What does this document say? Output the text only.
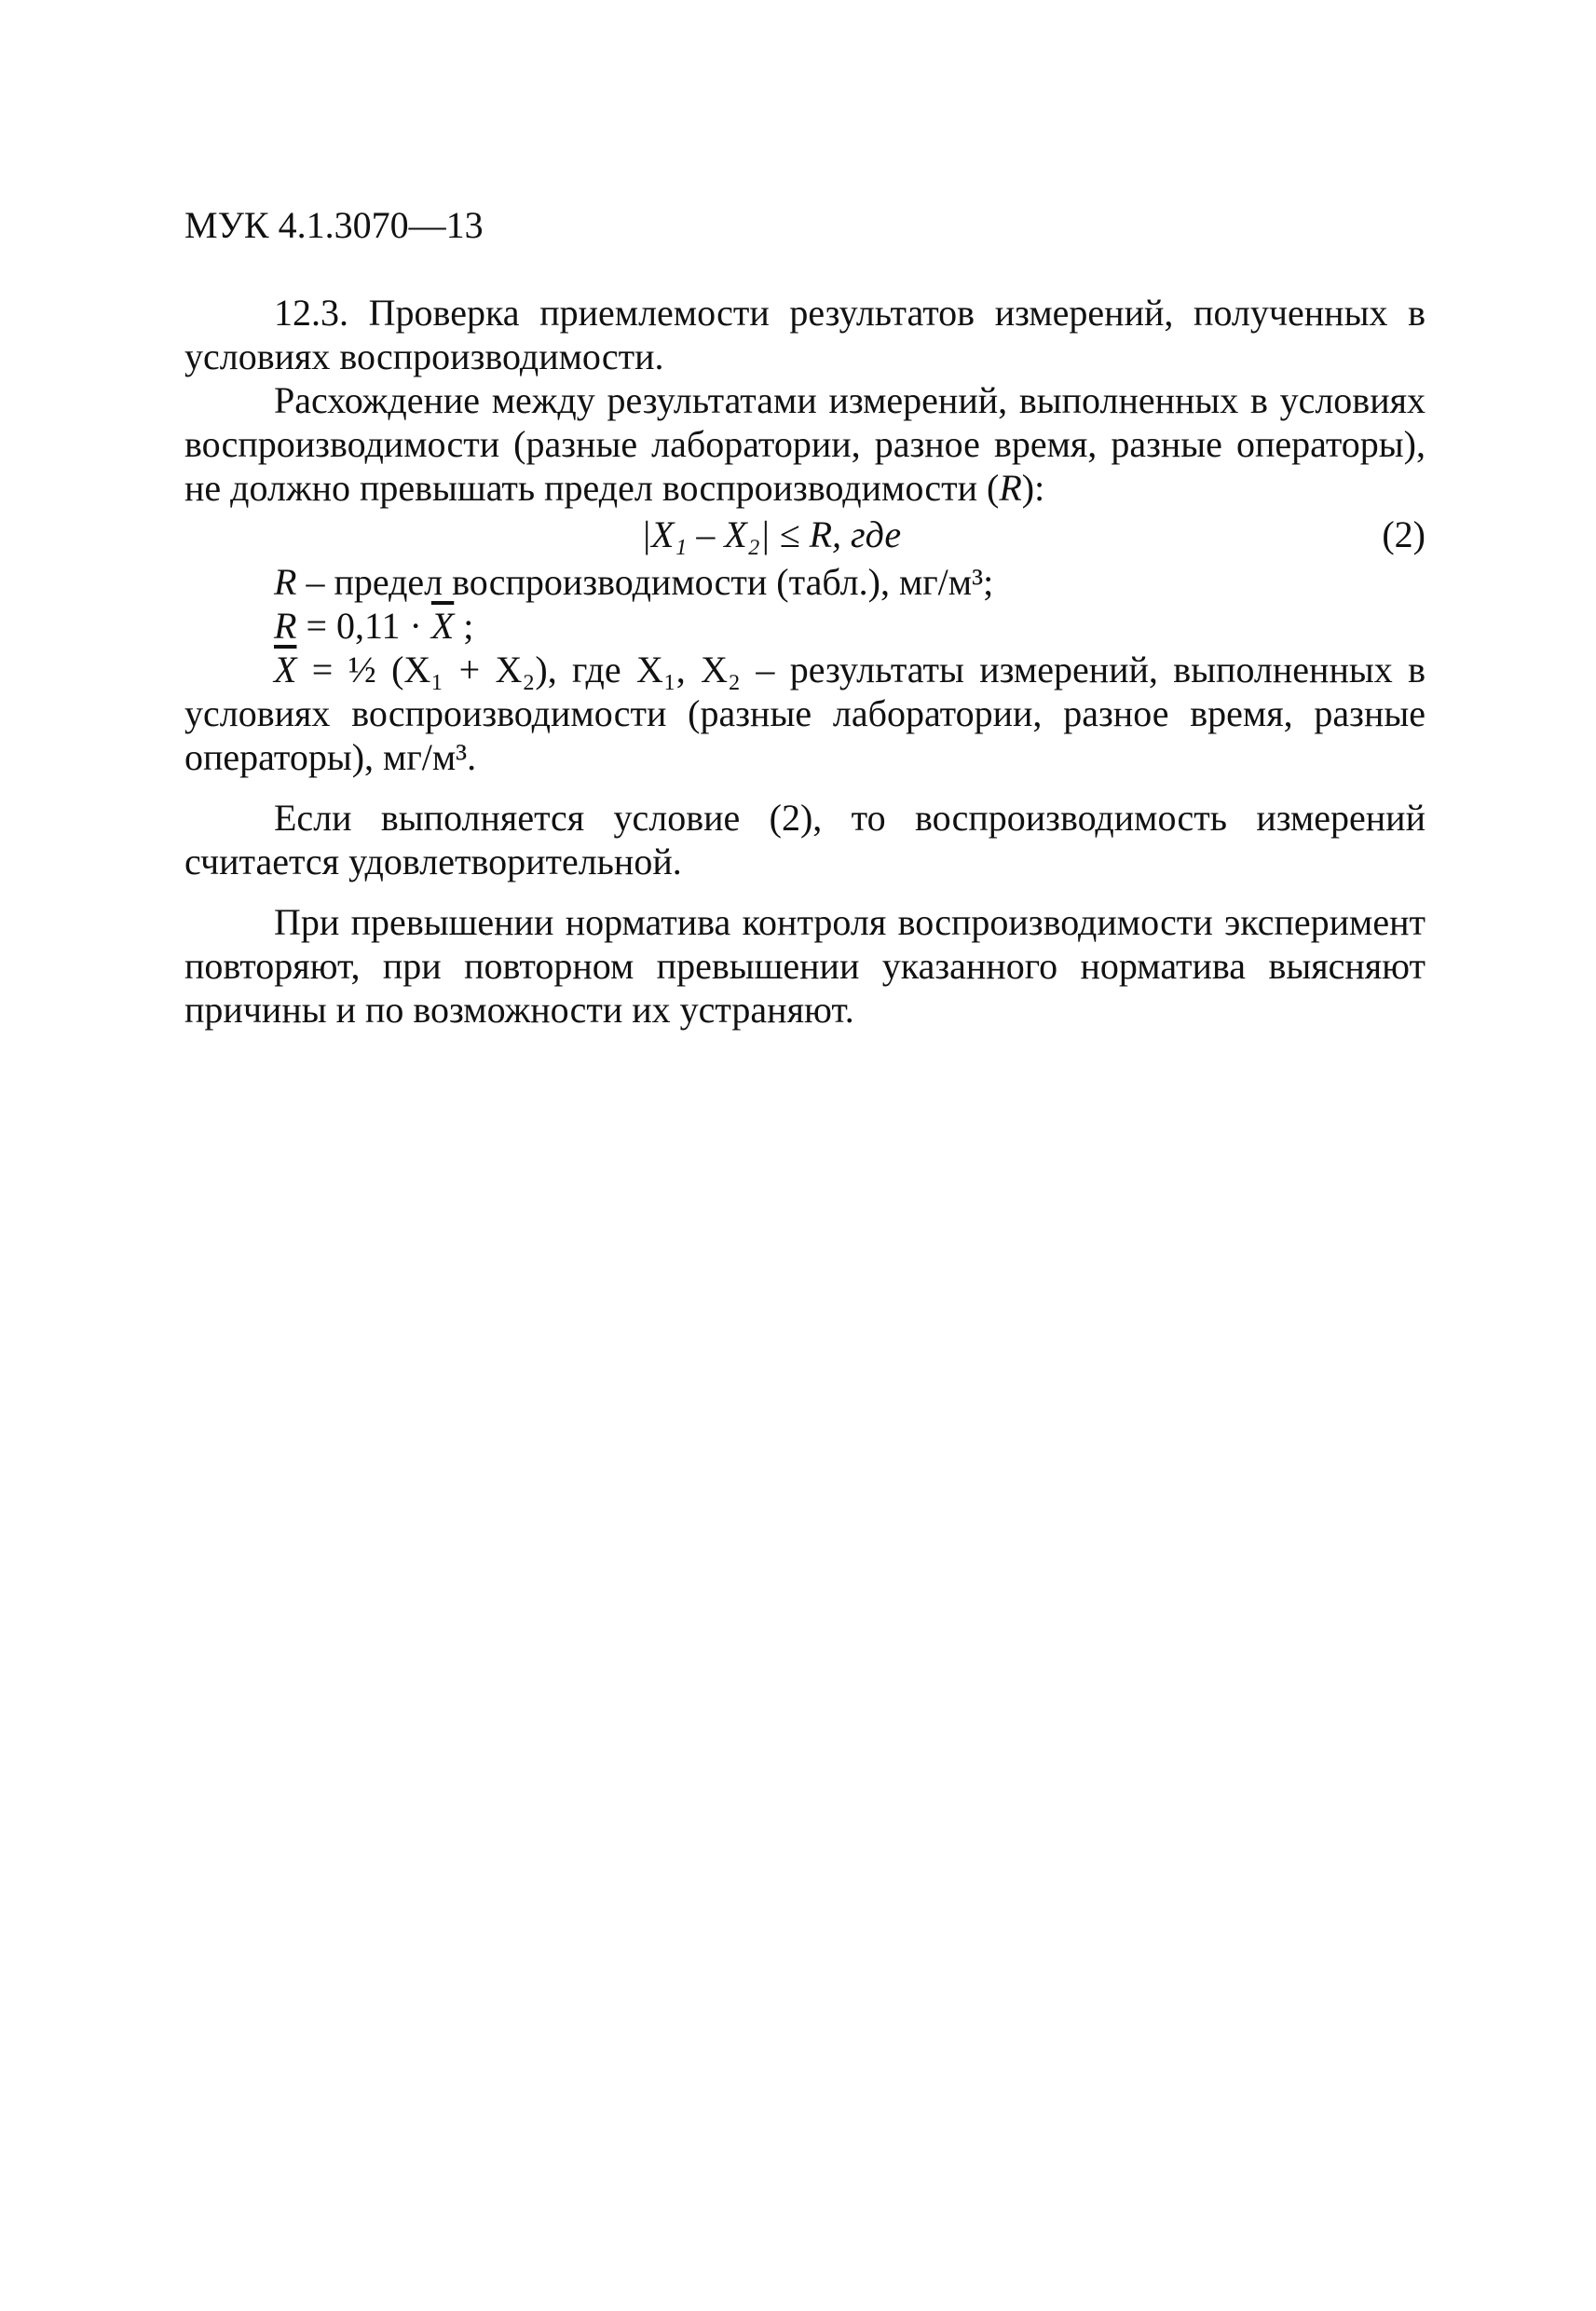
МУК 4.1.3070—13

12.3. Проверка приемлемости результатов измерений, полученных в условиях воспроизводимости.

Расхождение между результатами измерений, выполненных в условиях воспроизводимости (разные лаборатории, разное время, разные операторы), не должно превышать предел воспроизводимости (R):

|X₁ – X₂| ≤ R, где	(2)

R – предел воспроизводимости (табл.), мг/м³;

$R = 0,11 \cdot \overline{X}$ ;

$\overline{X}$ = ½ (X₁ + X₂), где X₁, X₂ – результаты измерений, выполненных в условиях воспроизводимости (разные лаборатории, разное время, разные операторы), мг/м³.

Если выполняется условие (2), то воспроизводимость измерений считается удовлетворительной.

При превышении норматива контроля воспроизводимости эксперимент повторяют, при повторном превышении указанного норматива выясняют причины и по возможности их устраняют.
